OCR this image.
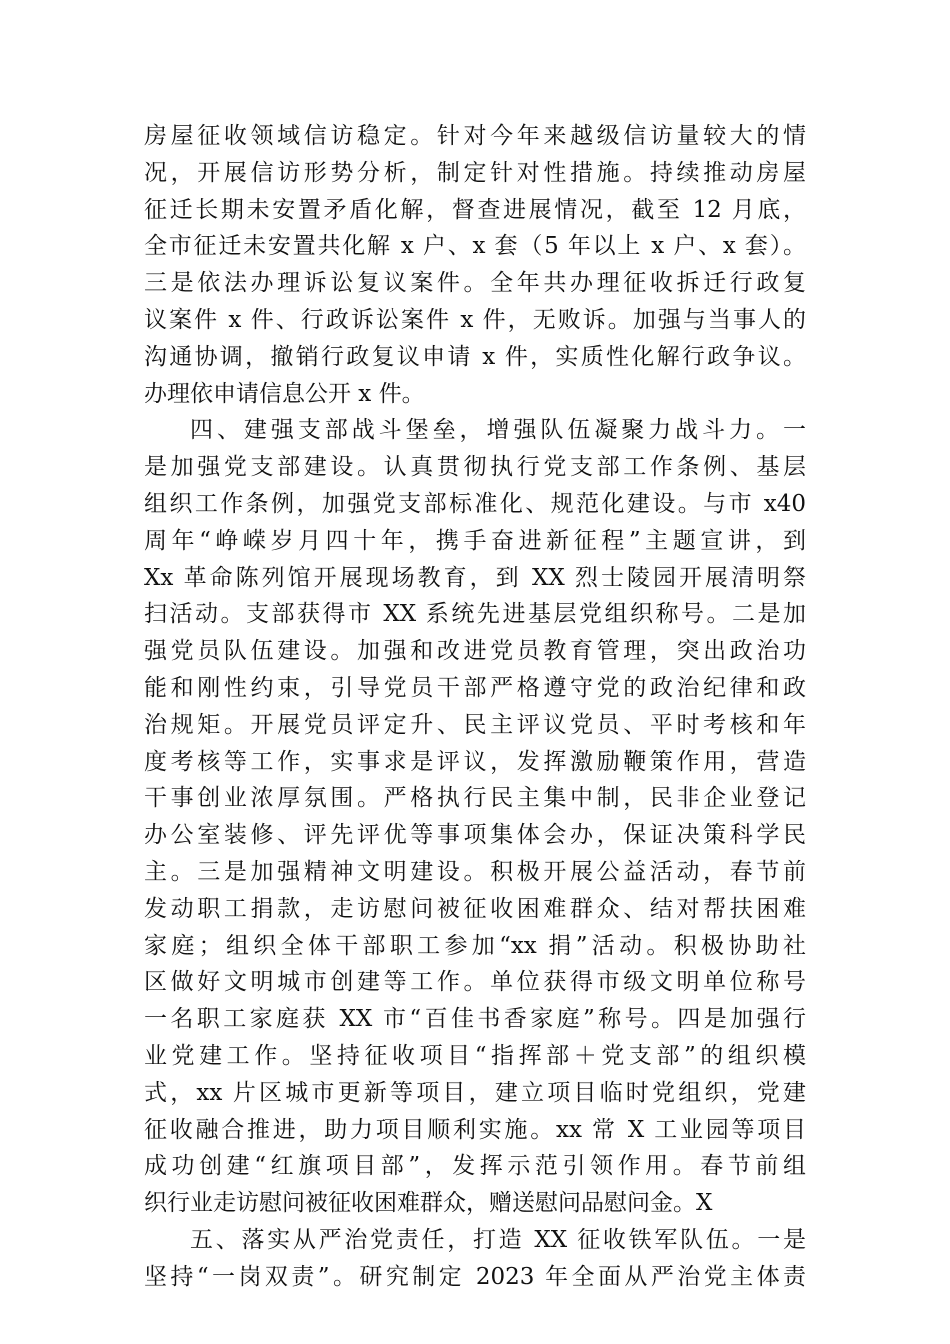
房屋征收领域信访稳定。针对今年来越级信访量较大的情
况，开展信访形势分析，制定针对性措施。持续推动房屋
征迁长期未安置矛盾化解，督查进展情况，截至 12 月底，
全市征迁未安置共化解 x 户、x 套（5 年以上 x 户、x 套）。
三是依法办理诉讼复议案件。全年共办理征收拆迁行政复
议案件 x 件、行政诉讼案件 x 件，无败诉。加强与当事人的
沟通协调，撤销行政复议申请 x 件，实质性化解行政争议。
办理依申请信息公开 x 件。
四、建强支部战斗堡垒，增强队伍凝聚力战斗力。一
是加强党支部建设。认真贯彻执行党支部工作条例、基层
组织工作条例，加强党支部标准化、规范化建设。与市 x40
周年“峥嵘岁月四十年，携手奋进新征程”主题宣讲，到
Xx 革命陈列馆开展现场教育，到 XX 烈士陵园开展清明祭
扫活动。支部获得市 XX 系统先进基层党组织称号。二是加
强党员队伍建设。加强和改进党员教育管理，突出政治功
能和刚性约束，引导党员干部严格遵守党的政治纪律和政
治规矩。开展党员评定升、民主评议党员、平时考核和年
度考核等工作，实事求是评议，发挥激励鞭策作用，营造
干事创业浓厚氛围。严格执行民主集中制，民非企业登记
办公室装修、评先评优等事项集体会办，保证决策科学民
主。三是加强精神文明建设。积极开展公益活动，春节前
发动职工捐款，走访慰问被征收困难群众、结对帮扶困难
家庭；组织全体干部职工参加“xx 捐”活动。积极协助社
区做好文明城市创建等工作。单位获得市级文明单位称号
一名职工家庭获 XX 市“百佳书香家庭”称号。四是加强行
业党建工作。坚持征收项目“指挥部＋党支部”的组织模
式，xx 片区城市更新等项目，建立项目临时党组织，党建
征收融合推进，助力项目顺利实施。xx 常 X 工业园等项目
成功创建“红旗项目部”，发挥示范引领作用。春节前组
织行业走访慰问被征收困难群众，赠送慰问品慰问金。X
五、落实从严治党责任，打造 XX 征收铁军队伍。一是
坚持“一岗双责”。研究制定 2023 年全面从严治党主体责
